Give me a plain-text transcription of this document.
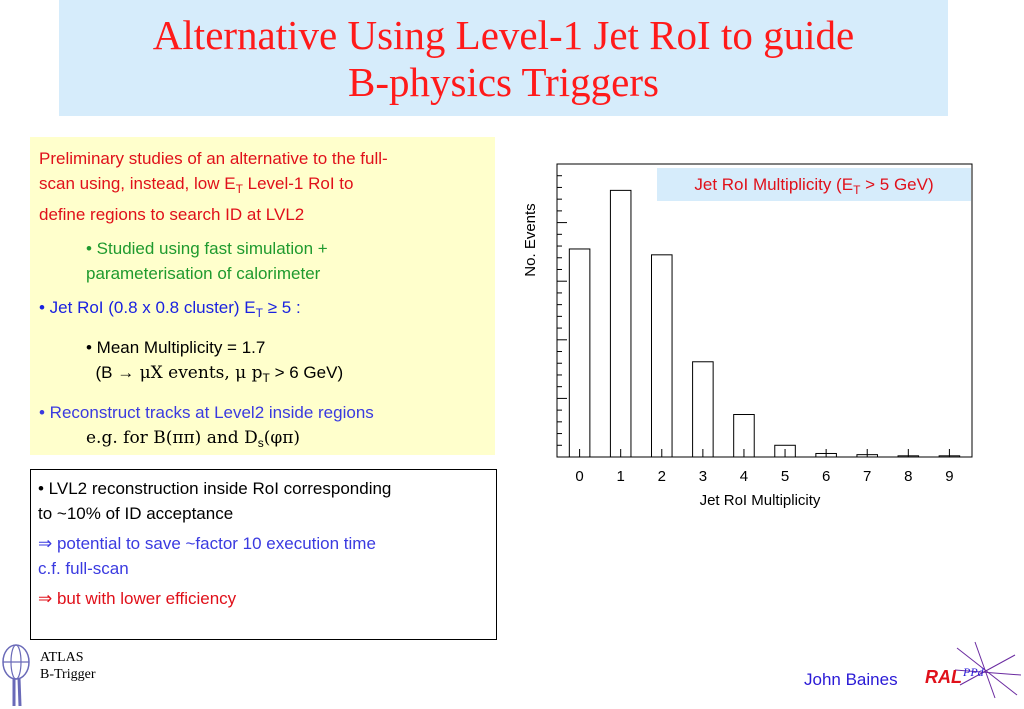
Alternative Using Level-1 Jet RoI to guide
B-physics Triggers

Preliminary studies of an alternative to the full-
scan using, instead, low $E_T$ Level-1 RoI to
define regions to search ID at LVL2

• Studied using fast simulation +
parameterisation of calorimeter

• Jet RoI (0.8 x 0.8 cluster) $E_T \ge 5$ :

• Mean Multiplicity = 1.7
(B → μX events, μ $p_T > 6$ GeV)

• Reconstruct tracks at Level2 inside regions

e.g. for B(ππ) and $D_s(\varphi\pi)$

• LVL2 reconstruction inside RoI corresponding
to ~10% of ID acceptance

⇒ potential to save ~factor 10 execution time
c.f. full-scan

⇒ but with lower efficiency

0 1 2 3 4 5 6 7 8 9
Jet RoI Multiplicity ($E_T > 5$ GeV)
No. Events
Jet RoI Multiplicity
ATLAS
B-Trigger	John Baines RAL PPd
